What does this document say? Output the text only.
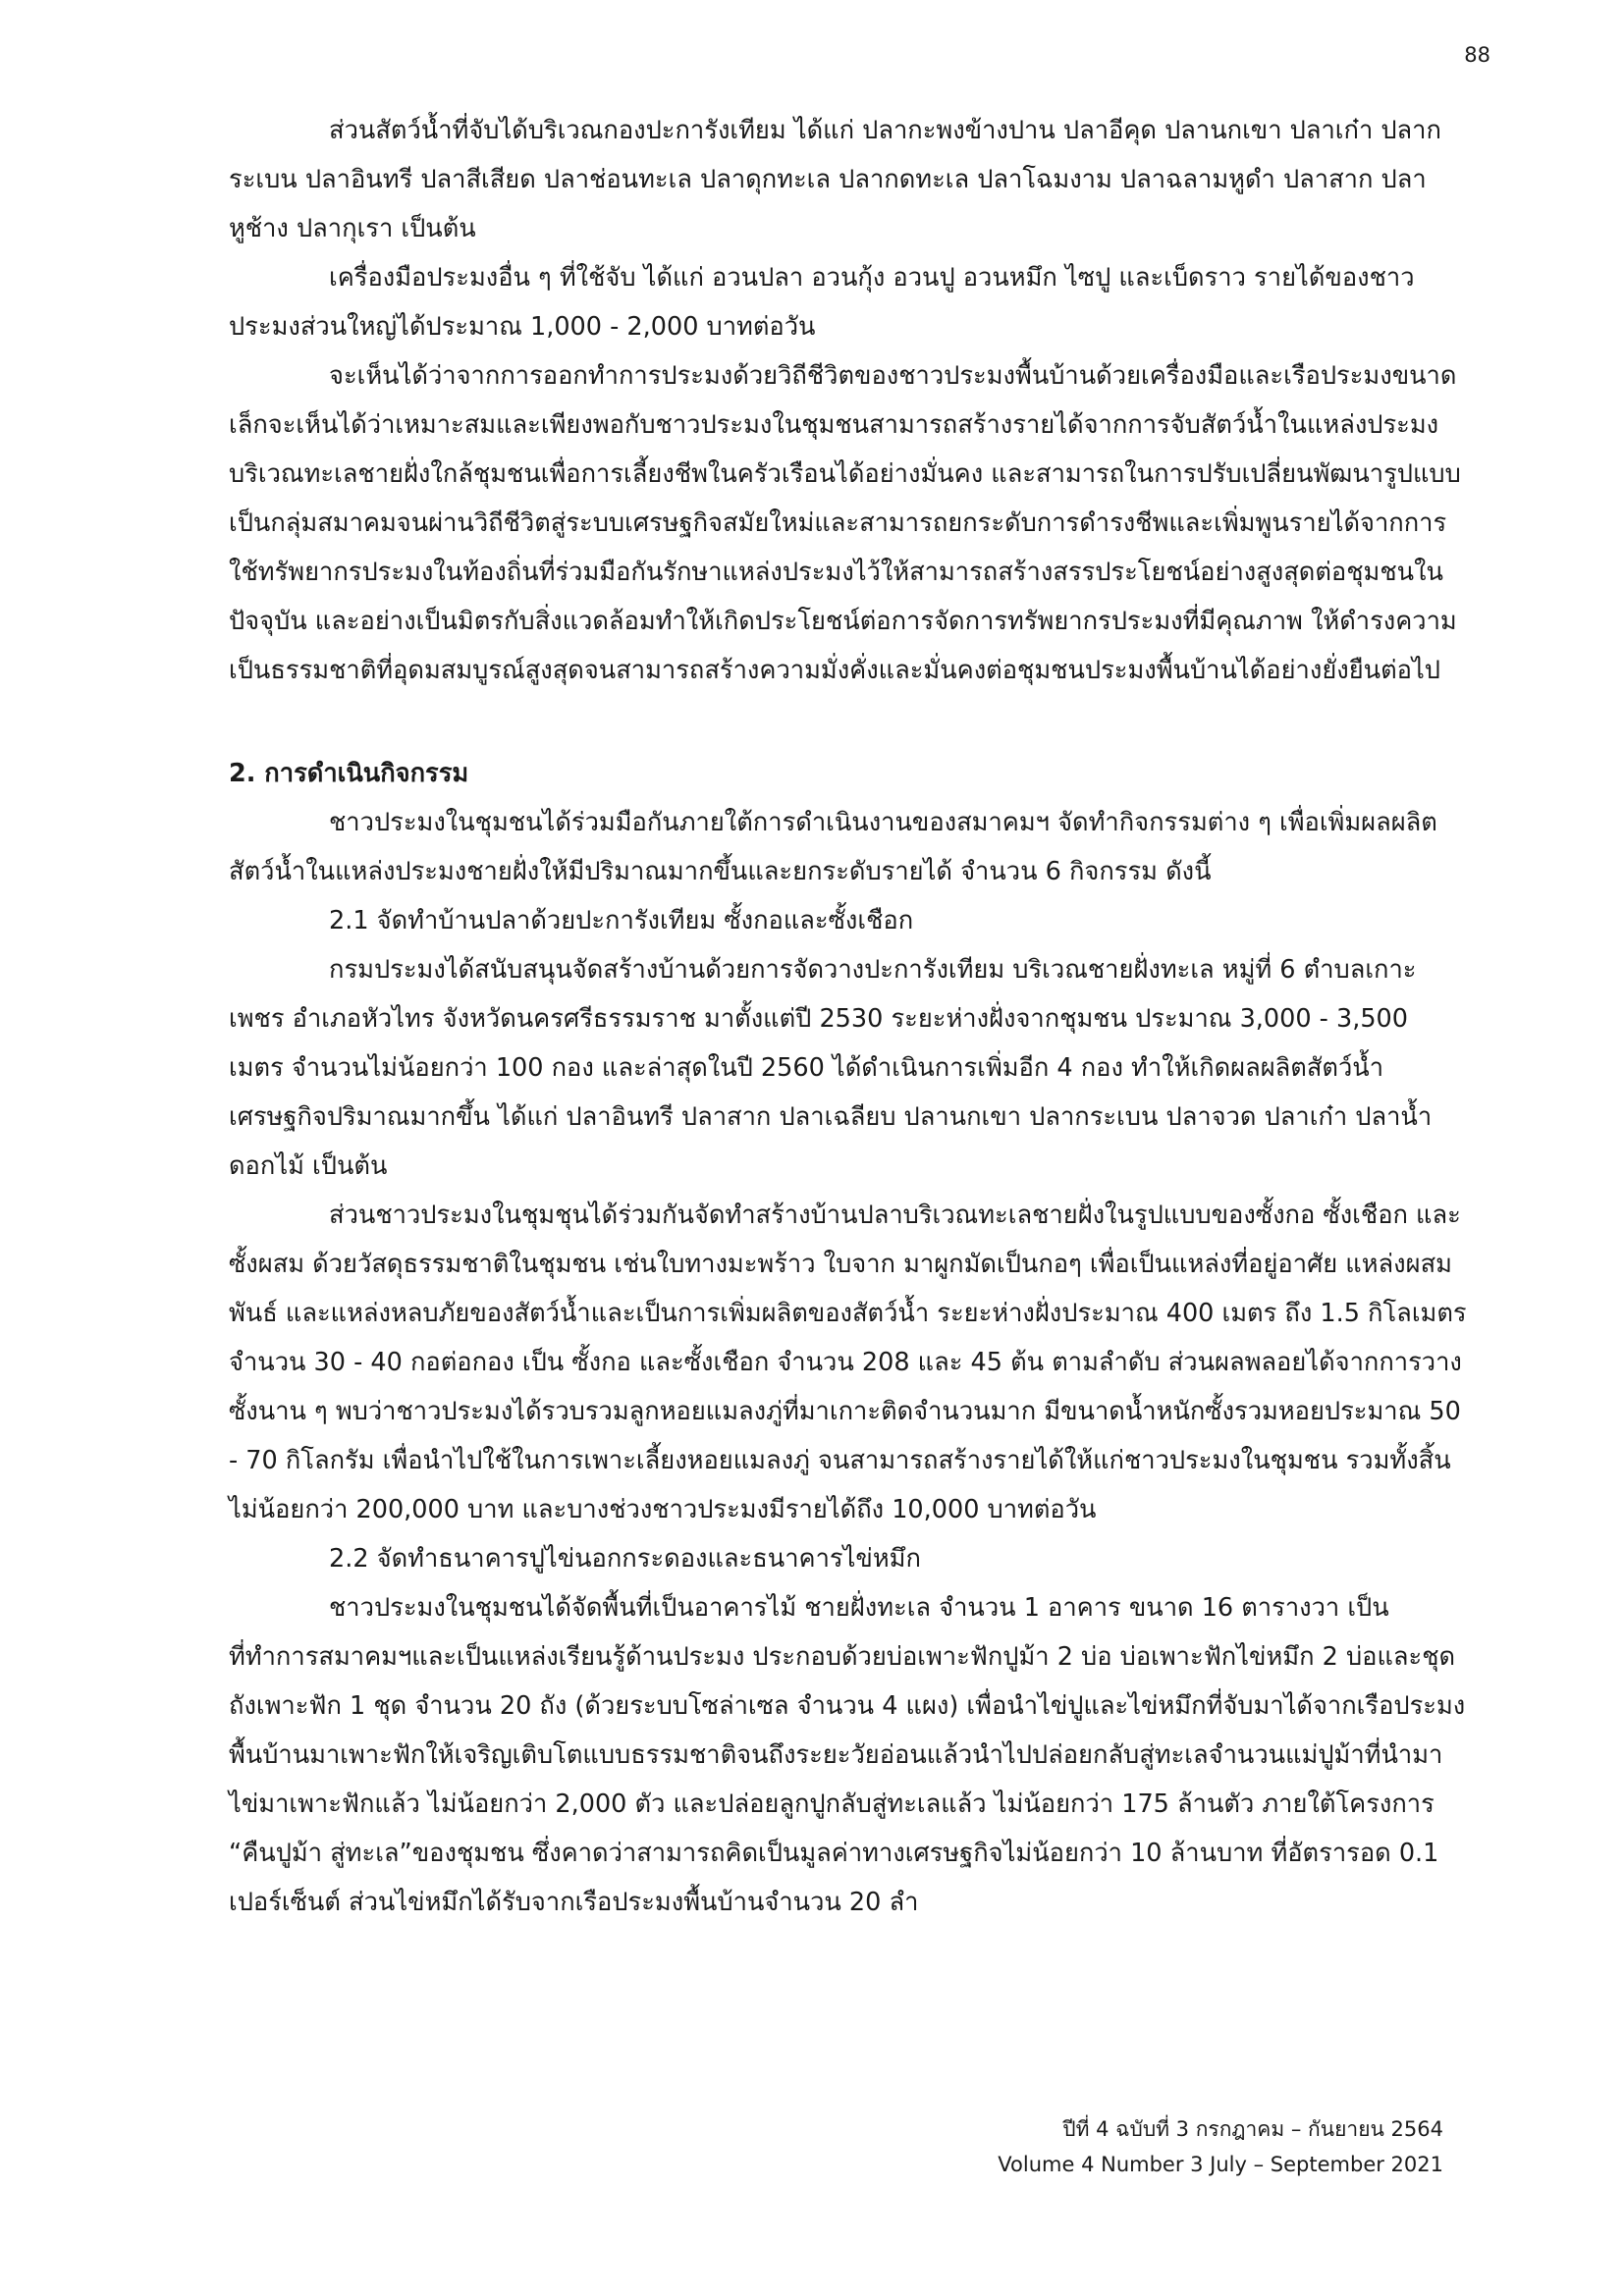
88

ส่วนสัตว์น้ำที่จับได้บริเวณกองปะการังเทียม ได้แก่ ปลากะพงข้างปาน ปลาอีคุด ปลานกเขา ปลาเก๋า ปลากระเบน ปลาอินทรี ปลาสีเสียด ปลาช่อนทะเล ปลาดุกทะเล ปลากดทะเล ปลาโฉมงาม ปลาฉลามหูดำ ปลาสาก ปลาหูช้าง ปลากุเรา เป็นต้น

เครื่องมือประมงอื่น ๆ ที่ใช้จับ ได้แก่ อวนปลา อวนกุ้ง อวนปู อวนหมึก ไซปู และเบ็ดราว รายได้ของชาวประมงส่วนใหญ่ได้ประมาณ 1,000 - 2,000 บาทต่อวัน

จะเห็นได้ว่าจากการออกทำการประมงด้วยวิถีชีวิตของชาวประมงพื้นบ้านด้วยเครื่องมือและเรือประมงขนาดเล็กจะเห็นได้ว่าเหมาะสมและเพียงพอกับชาวประมงในชุมชนสามารถสร้างรายได้จากการจับสัตว์น้ำในแหล่งประมงบริเวณทะเลชายฝั่งใกล้ชุมชนเพื่อการเลี้ยงชีพในครัวเรือนได้อย่างมั่นคง และสามารถในการปรับเปลี่ยนพัฒนารูปแบบเป็นกลุ่มสมาคมจนผ่านวิถีชีวิตสู่ระบบเศรษฐกิจสมัยใหม่และสามารถยกระดับการดำรงชีพและเพิ่มพูนรายได้จากการใช้ทรัพยากรประมงในท้องถิ่นที่ร่วมมือกันรักษาแหล่งประมงไว้ให้สามารถสร้างสรรประโยชน์อย่างสูงสุดต่อชุมชนในปัจจุบัน และอย่างเป็นมิตรกับสิ่งแวดล้อมทำให้เกิดประโยชน์ต่อการจัดการทรัพยากรประมงที่มีคุณภาพ ให้ดำรงความเป็นธรรมชาติที่อุดมสมบูรณ์สูงสุดจนสามารถสร้างความมั่งคั่งและมั่นคงต่อชุมชนประมงพื้นบ้านได้อย่างยั่งยืนต่อไป

2. การดำเนินกิจกรรม

ชาวประมงในชุมชนได้ร่วมมือกันภายใต้การดำเนินงานของสมาคมฯ จัดทำกิจกรรมต่าง ๆ เพื่อเพิ่มผลผลิตสัตว์น้ำในแหล่งประมงชายฝั่งให้มีปริมาณมากขึ้นและยกระดับรายได้ จำนวน 6 กิจกรรม ดังนี้

2.1 จัดทำบ้านปลาด้วยปะการังเทียม ซั้งกอและซั้งเชือก

กรมประมงได้สนับสนุนจัดสร้างบ้านด้วยการจัดวางปะการังเทียม บริเวณชายฝั่งทะเล หมู่ที่ 6 ตำบลเกาะเพชร อำเภอหัวไทร จังหวัดนครศรีธรรมราช มาตั้งแต่ปี 2530 ระยะห่างฝั่งจากชุมชน ประมาณ 3,000 - 3,500 เมตร จำนวนไม่น้อยกว่า 100 กอง และล่าสุดในปี 2560 ได้ดำเนินการเพิ่มอีก 4 กอง ทำให้เกิดผลผลิตสัตว์น้ำเศรษฐกิจปริมาณมากขึ้น ได้แก่ ปลาอินทรี ปลาสาก ปลาเฉลียบ ปลานกเขา ปลากระเบน ปลาจวด ปลาเก๋า ปลาน้ำดอกไม้ เป็นต้น

ส่วนชาวประมงในชุมชุนได้ร่วมกันจัดทำสร้างบ้านปลาบริเวณทะเลชายฝั่งในรูปแบบของซั้งกอ ซั้งเชือก และซั้งผสม ด้วยวัสดุธรรมชาติในชุมชน เช่นใบทางมะพร้าว ใบจาก มาผูกมัดเป็นกอๆ เพื่อเป็นแหล่งที่อยู่อาศัย แหล่งผสมพันธ์ และแหล่งหลบภัยของสัตว์น้ำและเป็นการเพิ่มผลิตของสัตว์น้ำ ระยะห่างฝั่งประมาณ 400 เมตร ถึง 1.5 กิโลเมตร จำนวน 30 - 40 กอต่อกอง เป็น ซั้งกอ และซั้งเชือก จำนวน 208 และ 45 ต้น ตามลำดับ ส่วนผลพลอยได้จากการวางซั้งนาน ๆ พบว่าชาวประมงได้รวบรวมลูกหอยแมลงภู่ที่มาเกาะติดจำนวนมาก มีขนาดน้ำหนักซั้งรวมหอยประมาณ 50 - 70 กิโลกรัม เพื่อนำไปใช้ในการเพาะเลี้ยงหอยแมลงภู่ จนสามารถสร้างรายได้ให้แก่ชาวประมงในชุมชน รวมทั้งสิ้นไม่น้อยกว่า 200,000 บาท และบางช่วงชาวประมงมีรายได้ถึง 10,000 บาทต่อวัน

2.2 จัดทำธนาคารปูไข่นอกกระดองและธนาคารไข่หมึก

ชาวประมงในชุมชนได้จัดพื้นที่เป็นอาคารไม้ ชายฝั่งทะเล จำนวน 1 อาคาร ขนาด 16 ตารางวา เป็นที่ทำการสมาคมฯและเป็นแหล่งเรียนรู้ด้านประมง ประกอบด้วยบ่อเพาะฟักปูม้า 2 บ่อ บ่อเพาะฟักไข่หมึก 2 บ่อและชุดถังเพาะฟัก 1 ชุด จำนวน 20 ถัง (ด้วยระบบโซล่าเซล จำนวน 4 แผง) เพื่อนำไข่ปูและไข่หมึกที่จับมาได้จากเรือประมงพื้นบ้านมาเพาะฟักให้เจริญเติบโตแบบธรรมชาติจนถึงระยะวัยอ่อนแล้วนำไปปล่อยกลับสู่ทะเลจำนวนแม่ปูม้าที่นำมาไข่มาเพาะฟักแล้ว ไม่น้อยกว่า 2,000 ตัว และปล่อยลูกปูกลับสู่ทะเลแล้ว ไม่น้อยกว่า 175 ล้านตัว ภายใต้โครงการ “คืนปูม้า สู่ทะเล”ของชุมชน ซึ่งคาดว่าสามารถคิดเป็นมูลค่าทางเศรษฐกิจไม่น้อยกว่า 10 ล้านบาท ที่อัตรารอด 0.1 เปอร์เซ็นต์ ส่วนไข่หมึกได้รับจากเรือประมงพื้นบ้านจำนวน 20 ลำ

ปีที่ 4 ฉบับที่ 3 กรกฎาคม – กันยายน 2564
Volume 4 Number 3 July – September 2021
